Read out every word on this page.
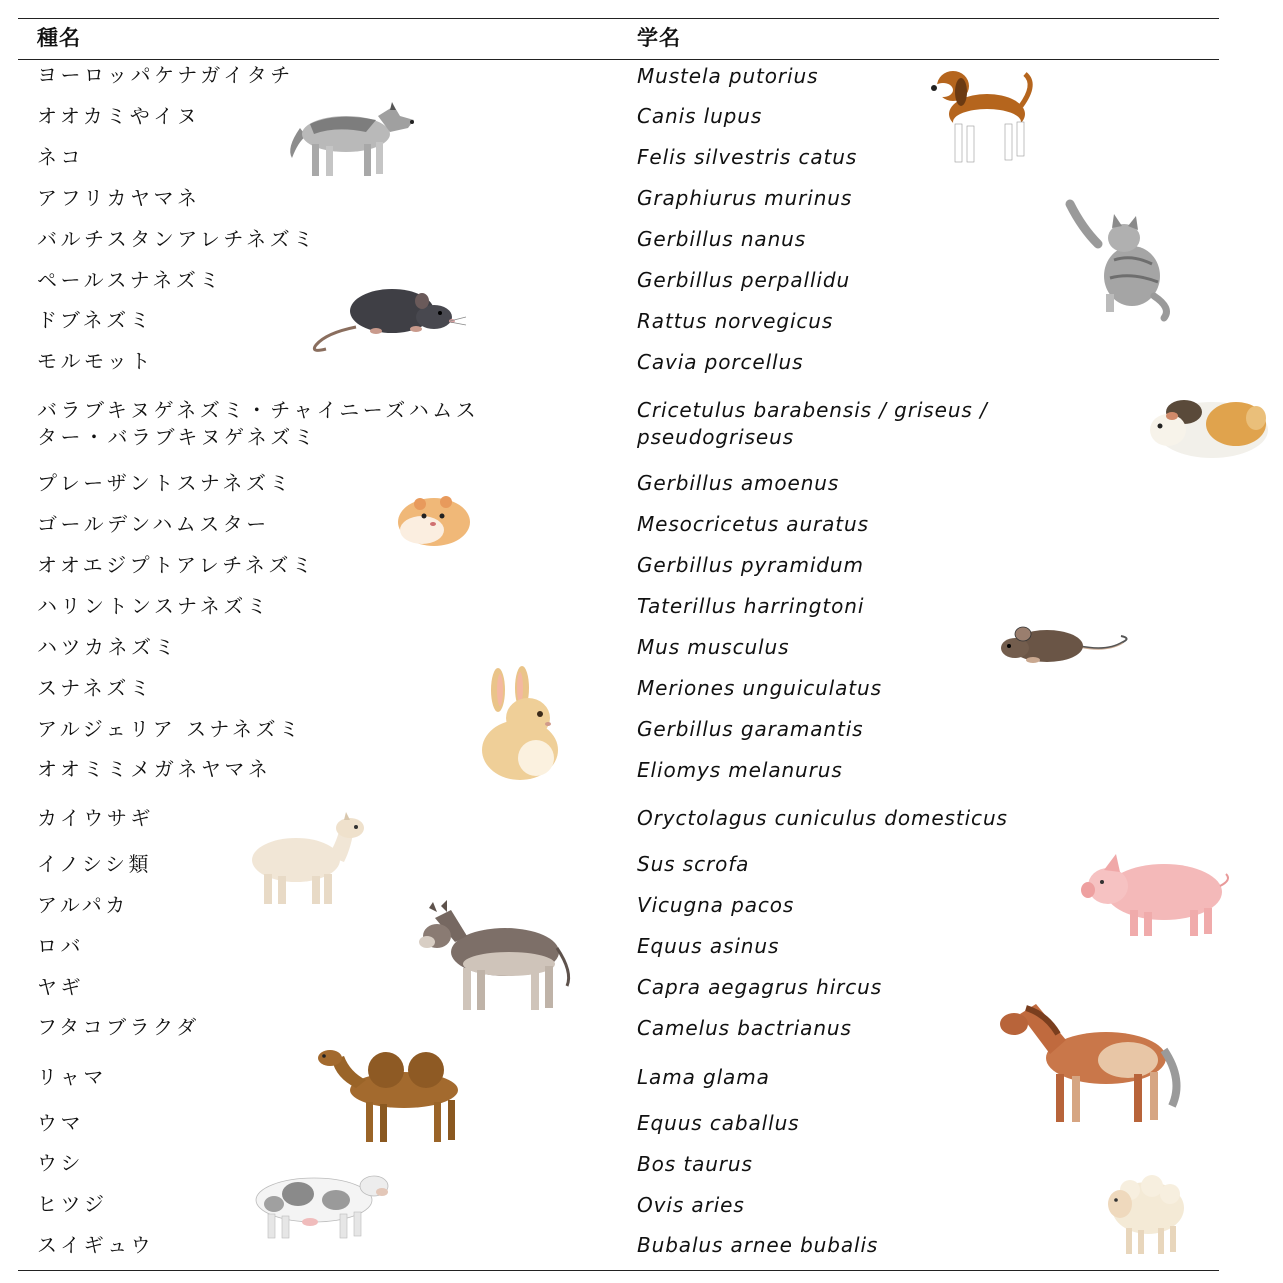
種名	学名
ヨーロッパケナガイタチ
オオカミやイヌ
ネコ
アフリカヤマネ
バルチスタンアレチネズミ
ペールスナネズミ
ドブネズミ
モルモット
バラブキヌゲネズミ・チャイニーズハムス
ター・バラブキヌゲネズミ
プレーザントスナネズミ
ゴールデンハムスター
オオエジプトアレチネズミ
ハリントンスナネズミ
ハツカネズミ
スナネズミ
アルジェリア スナネズミ
オオミミメガネヤマネ
カイウサギ
イノシシ類
アルパカ
ロバ
ヤギ
フタコブラクダ
リャマ
ウマ
ウシ
ヒツジ
スイギュウ
Mustela putorius
Canis lupus
Felis silvestris catus
Graphiurus murinus
Gerbillus nanus
Gerbillus perpallidu
Rattus norvegicus
Cavia porcellus
Cricetulus barabensis / griseus /
pseudogriseus
Gerbillus amoenus
Mesocricetus auratus
Gerbillus pyramidum
Taterillus harringtoni
Mus musculus
Meriones unguiculatus
Gerbillus garamantis
Eliomys melanurus
Oryctolagus cuniculus domesticus
Sus scrofa
Vicugna pacos
Equus asinus
Capra aegagrus hircus
Camelus bactrianus
Lama glama
Equus caballus
Bos taurus
Ovis aries
Bubalus arnee bubalis
